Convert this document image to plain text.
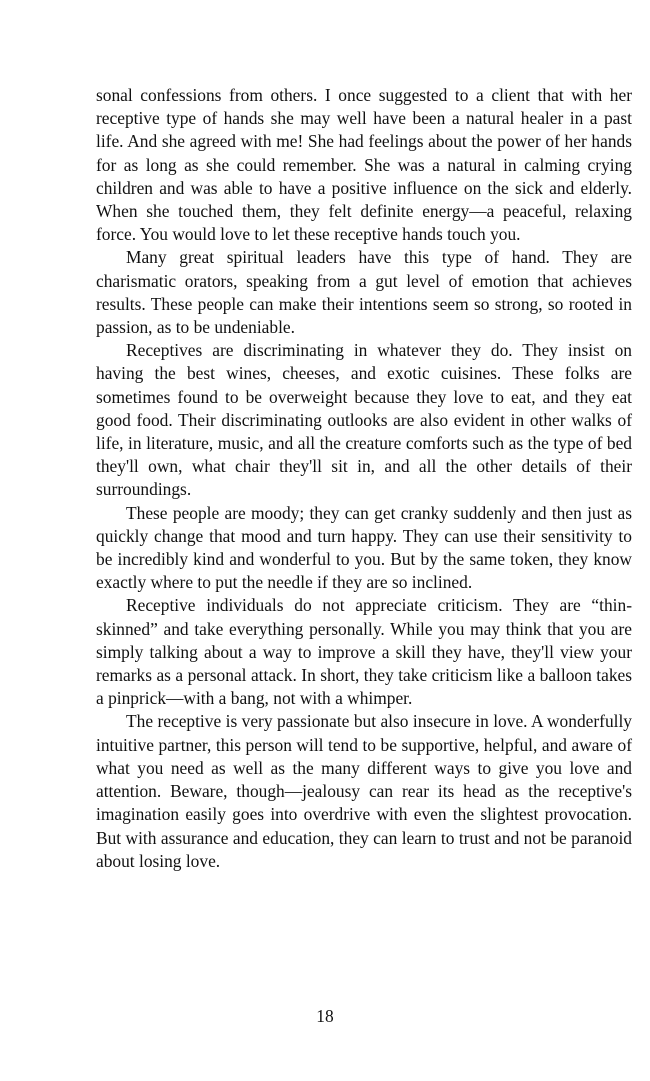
sonal confessions from others. I once suggested to a client that with her receptive type of hands she may well have been a natural healer in a past life. And she agreed with me! She had feelings about the power of her hands for as long as she could remember. She was a natural in calming crying children and was able to have a positive influence on the sick and elderly. When she touched them, they felt definite energy—a peaceful, relaxing force. You would love to let these receptive hands touch you.

Many great spiritual leaders have this type of hand. They are charismatic orators, speaking from a gut level of emotion that achieves results. These people can make their intentions seem so strong, so rooted in passion, as to be undeniable.

Receptives are discriminating in whatever they do. They insist on having the best wines, cheeses, and exotic cuisines. These folks are sometimes found to be overweight because they love to eat, and they eat good food. Their discriminating outlooks are also evident in other walks of life, in literature, music, and all the creature comforts such as the type of bed they'll own, what chair they'll sit in, and all the other details of their surroundings.

These people are moody; they can get cranky suddenly and then just as quickly change that mood and turn happy. They can use their sensitivity to be incredibly kind and wonderful to you. But by the same token, they know exactly where to put the needle if they are so inclined.

Receptive individuals do not appreciate criticism. They are “thin-skinned” and take everything personally. While you may think that you are simply talking about a way to improve a skill they have, they'll view your remarks as a personal attack. In short, they take criticism like a balloon takes a pinprick—with a bang, not with a whimper.

The receptive is very passionate but also insecure in love. A wonderfully intuitive partner, this person will tend to be supportive, helpful, and aware of what you need as well as the many different ways to give you love and attention. Beware, though—jealousy can rear its head as the receptive's imagination easily goes into overdrive with even the slightest provocation. But with assurance and education, they can learn to trust and not be paranoid about losing love.

18
